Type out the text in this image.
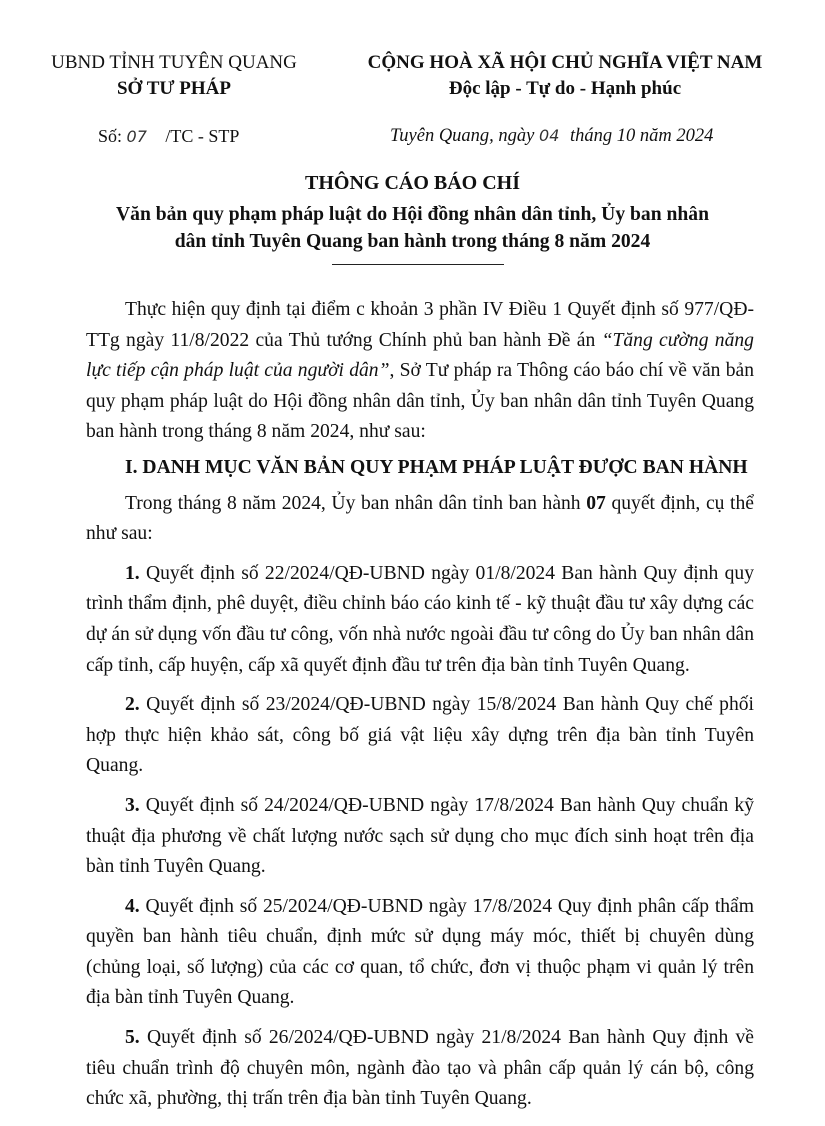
UBND TỈNH TUYÊN QUANG
SỞ TƯ PHÁP
CỘNG HOÀ XÃ HỘI CHỦ NGHĨA VIỆT NAM
Độc lập - Tự do - Hạnh phúc
Số: 07 /TC - STP	Tuyên Quang, ngày 04 tháng 10 năm 2024
THÔNG CÁO BÁO CHÍ
Văn bản quy phạm pháp luật do Hội đồng nhân dân tỉnh, Ủy ban nhân
dân tỉnh Tuyên Quang ban hành trong tháng 8 năm 2024

Thực hiện quy định tại điểm c khoản 3 phần IV Điều 1 Quyết định số 977/QĐ-TTg ngày 11/8/2022 của Thủ tướng Chính phủ ban hành Đề án “Tăng cường năng lực tiếp cận pháp luật của người dân”, Sở Tư pháp ra Thông cáo báo chí về văn bản quy phạm pháp luật do Hội đồng nhân dân tỉnh, Ủy ban nhân dân tỉnh Tuyên Quang ban hành trong tháng 8 năm 2024, như sau:

I. DANH MỤC VĂN BẢN QUY PHẠM PHÁP LUẬT ĐƯỢC BAN HÀNH

Trong tháng 8 năm 2024, Ủy ban nhân dân tỉnh ban hành 07 quyết định, cụ thể như sau:

1. Quyết định số 22/2024/QĐ-UBND ngày 01/8/2024 Ban hành Quy định quy trình thẩm định, phê duyệt, điều chỉnh báo cáo kinh tế - kỹ thuật đầu tư xây dựng các dự án sử dụng vốn đầu tư công, vốn nhà nước ngoài đầu tư công do Ủy ban nhân dân cấp tỉnh, cấp huyện, cấp xã quyết định đầu tư trên địa bàn tỉnh Tuyên Quang.

2. Quyết định số 23/2024/QĐ-UBND ngày 15/8/2024 Ban hành Quy chế phối hợp thực hiện khảo sát, công bố giá vật liệu xây dựng trên địa bàn tỉnh Tuyên Quang.

3. Quyết định số 24/2024/QĐ-UBND ngày 17/8/2024 Ban hành Quy chuẩn kỹ thuật địa phương về chất lượng nước sạch sử dụng cho mục đích sinh hoạt trên địa bàn tỉnh Tuyên Quang.

4. Quyết định số 25/2024/QĐ-UBND ngày 17/8/2024 Quy định phân cấp thẩm quyền ban hành tiêu chuẩn, định mức sử dụng máy móc, thiết bị chuyên dùng (chủng loại, số lượng) của các cơ quan, tổ chức, đơn vị thuộc phạm vi quản lý trên địa bàn tỉnh Tuyên Quang.

5. Quyết định số 26/2024/QĐ-UBND ngày 21/8/2024 Ban hành Quy định về tiêu chuẩn trình độ chuyên môn, ngành đào tạo và phân cấp quản lý cán bộ, công chức xã, phường, thị trấn trên địa bàn tỉnh Tuyên Quang.
